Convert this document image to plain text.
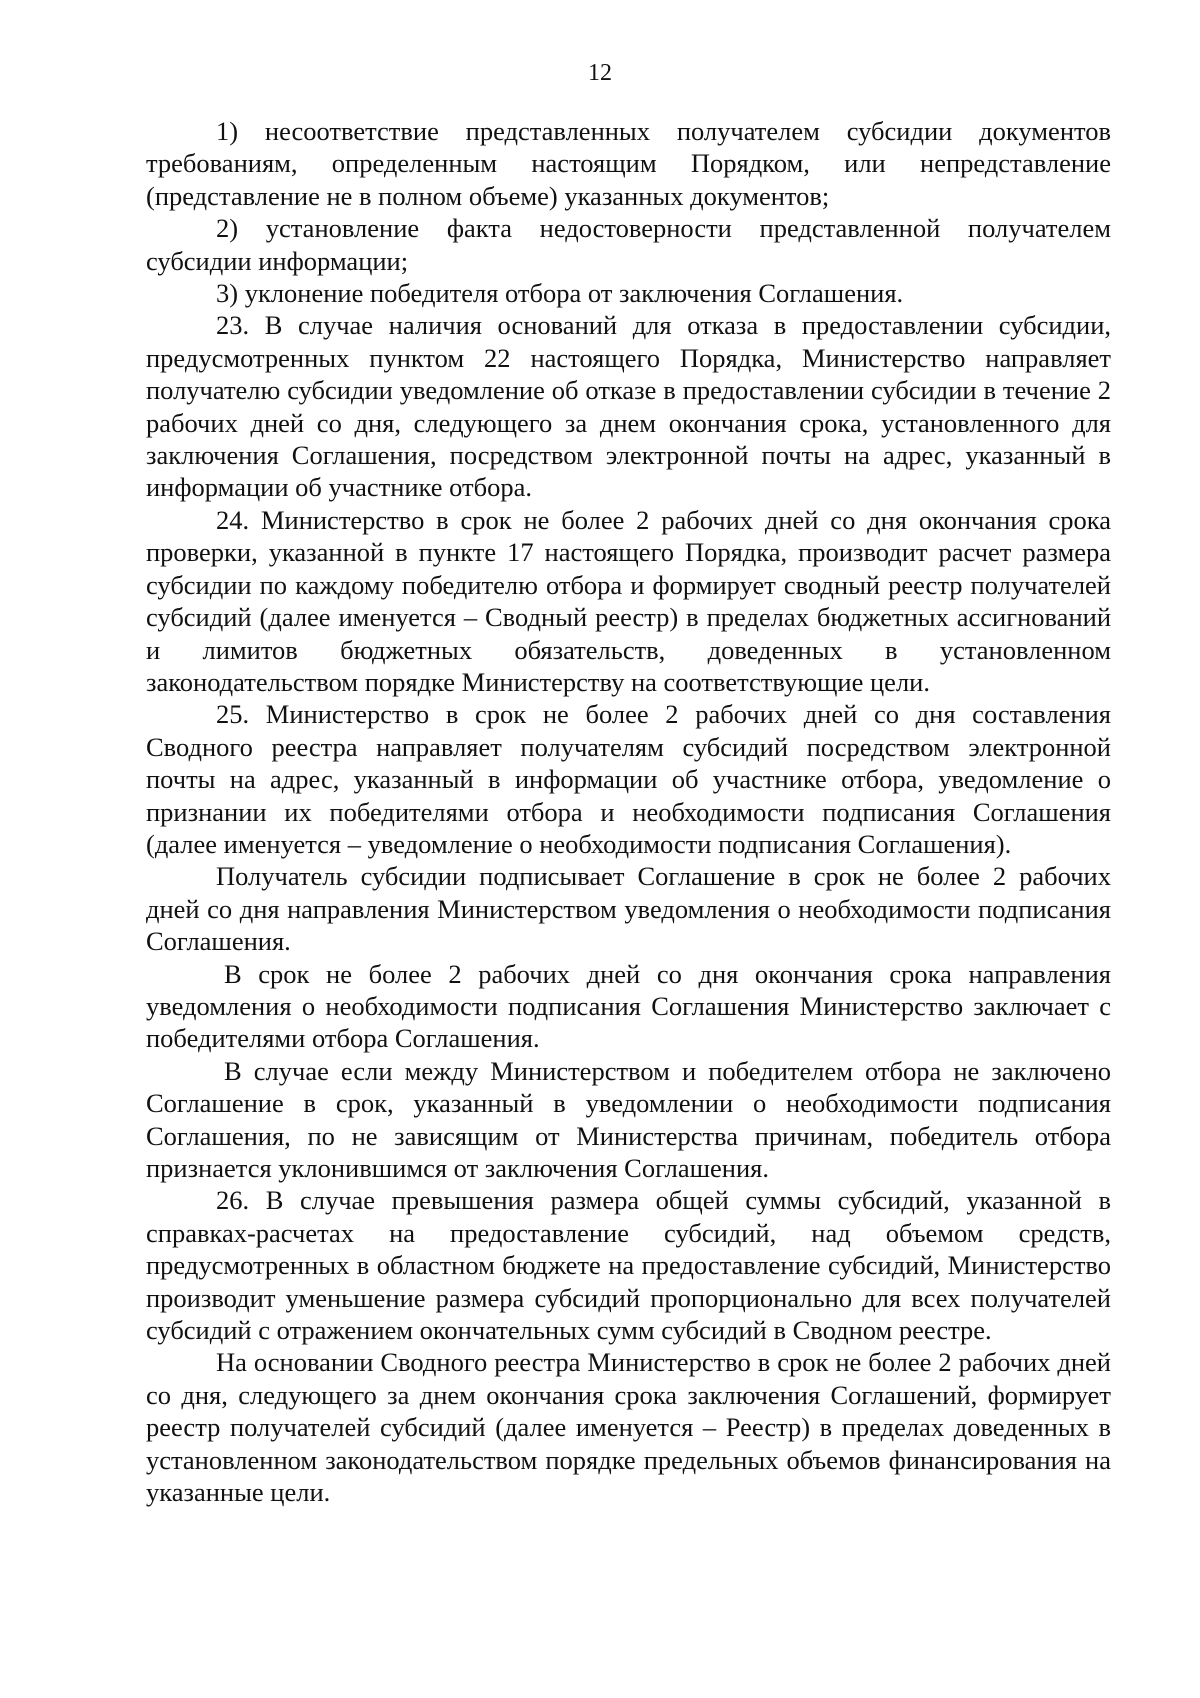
12

1) несоответствие представленных получателем субсидии документов требованиям, определенным настоящим Порядком, или непредставление (представление не в полном объеме) указанных документов;

2) установление факта недостоверности представленной получателем субсидии информации;

3) уклонение победителя отбора от заключения Соглашения.

23. В случае наличия оснований для отказа в предоставлении субсидии, предусмотренных пунктом 22 настоящего Порядка, Министерство направляет получателю субсидии уведомление об отказе в предоставлении субсидии в течение 2 рабочих дней со дня, следующего за днем окончания срока, установленного для заключения Соглашения, посредством электронной почты на адрес, указанный в информации об участнике отбора.

24. Министерство в срок не более 2 рабочих дней со дня окончания срока проверки, указанной в пункте 17 настоящего Порядка, производит расчет размера субсидии по каждому победителю отбора и формирует сводный реестр получателей субсидий (далее именуется – Сводный реестр) в пределах бюджетных ассигнований и лимитов бюджетных обязательств, доведенных в установленном законодательством порядке Министерству на соответствующие цели.

25. Министерство в срок не более 2 рабочих дней со дня составления Сводного реестра направляет получателям субсидий посредством электронной почты на адрес, указанный в информации об участнике отбора, уведомление о признании их победителями отбора и необходимости подписания Соглашения (далее именуется – уведомление о необходимости подписания Соглашения).

Получатель субсидии подписывает Соглашение в срок не более 2 рабочих дней со дня направления Министерством уведомления о необходимости подписания Соглашения.

В срок не более 2 рабочих дней со дня окончания срока направления уведомления о необходимости подписания Соглашения Министерство заключает с победителями отбора Соглашения.

В случае если между Министерством и победителем отбора не заключено Соглашение в срок, указанный в уведомлении о необходимости подписания Соглашения, по не зависящим от Министерства причинам, победитель отбора признается уклонившимся от заключения Соглашения.

26. В случае превышения размера общей суммы субсидий, указанной в справках-расчетах на предоставление субсидий, над объемом средств, предусмотренных в областном бюджете на предоставление субсидий, Министерство производит уменьшение размера субсидий пропорционально для всех получателей субсидий с отражением окончательных сумм субсидий в Сводном реестре.

На основании Сводного реестра Министерство в срок не более 2 рабочих дней со дня, следующего за днем окончания срока заключения Соглашений, формирует реестр получателей субсидий (далее именуется – Реестр) в пределах доведенных в установленном законодательством порядке предельных объемов финансирования на указанные цели.
